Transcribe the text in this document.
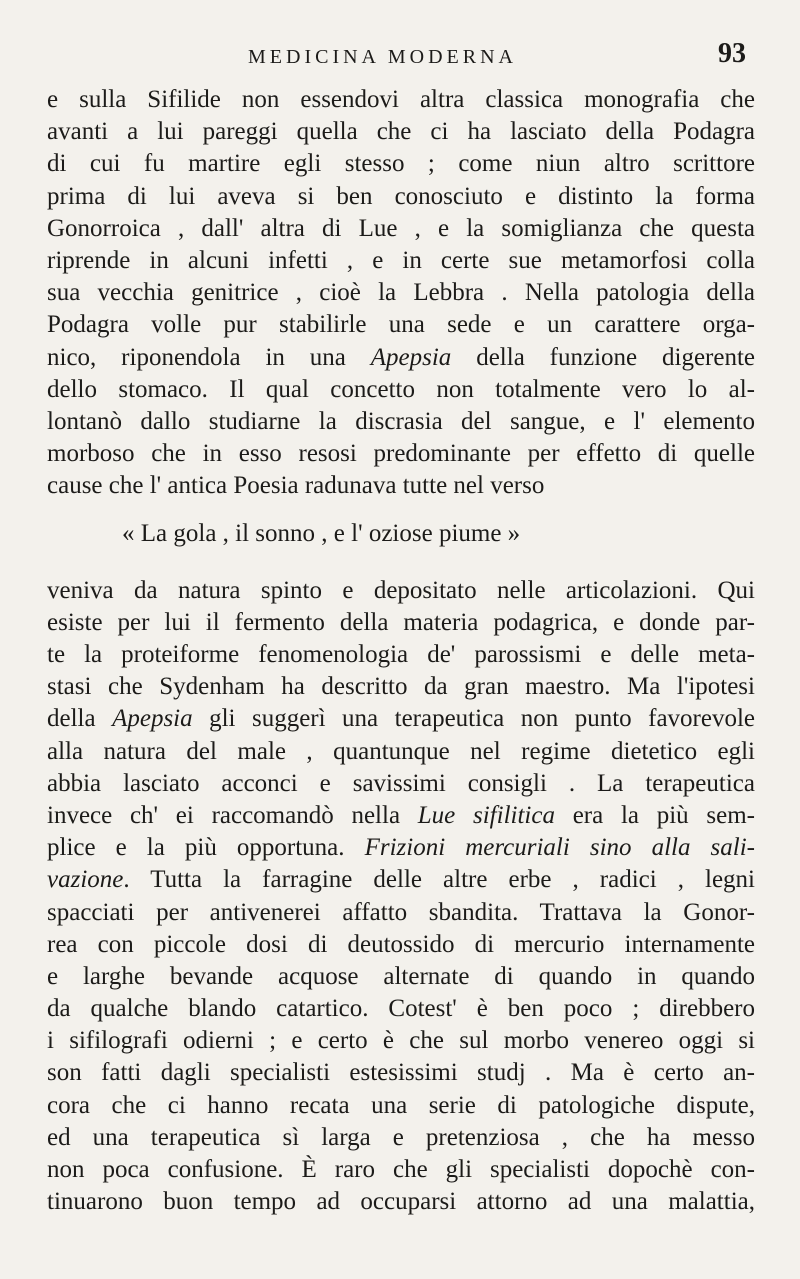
MEDICINA MODERNA	93
e sulla Sifilide non essendovi altra classica monografia che
avanti a lui pareggi quella che ci ha lasciato della Podagra
di cui fu martire egli stesso ; come niun altro scrittore
prima di lui aveva si ben conosciuto e distinto la forma
Gonorroica , dall' altra di Lue , e la somiglianza che questa
riprende in alcuni infetti , e in certe sue metamorfosi colla
sua vecchia genitrice , cioè la Lebbra . Nella patologia della
Podagra volle pur stabilirle una sede e un carattere orga-
nico, riponendola in una Apepsia della funzione digerente
dello stomaco. Il qual concetto non totalmente vero lo al-
lontanò dallo studiarne la discrasia del sangue, e l' elemento
morboso che in esso resosi predominante per effetto di quelle
cause che l' antica Poesia radunava tutte nel verso
« La gola , il sonno , e l' oziose piume »
veniva da natura spinto e depositato nelle articolazioni. Qui
esiste per lui il fermento della materia podagrica, e donde par-
te la proteiforme fenomenologia de' parossismi e delle meta-
stasi che Sydenham ha descritto da gran maestro. Ma l'ipotesi
della Apepsia gli suggerì una terapeutica non punto favorevole
alla natura del male , quantunque nel regime dietetico egli
abbia lasciato acconci e savissimi consigli . La terapeutica
invece ch' ei raccomandò nella Lue sifilitica era la più sem-
plice e la più opportuna. Frizioni mercuriali sino alla sali-
vazione. Tutta la farragine delle altre erbe , radici , legni
spacciati per antivenerei affatto sbandita. Trattava la Gonor-
rea con piccole dosi di deutossido di mercurio internamente
e larghe bevande acquose alternate di quando in quando
da qualche blando catartico. Cotest' è ben poco ; direbbero
i sifilografi odierni ; e certo è che sul morbo venereo oggi si
son fatti dagli specialisti estesissimi studj . Ma è certo an-
cora che ci hanno recata una serie di patologiche dispute,
ed una terapeutica sì larga e pretenziosa , che ha messo
non poca confusione. È raro che gli specialisti dopochè con-
tinuarono buon tempo ad occuparsi attorno ad una malattia,
